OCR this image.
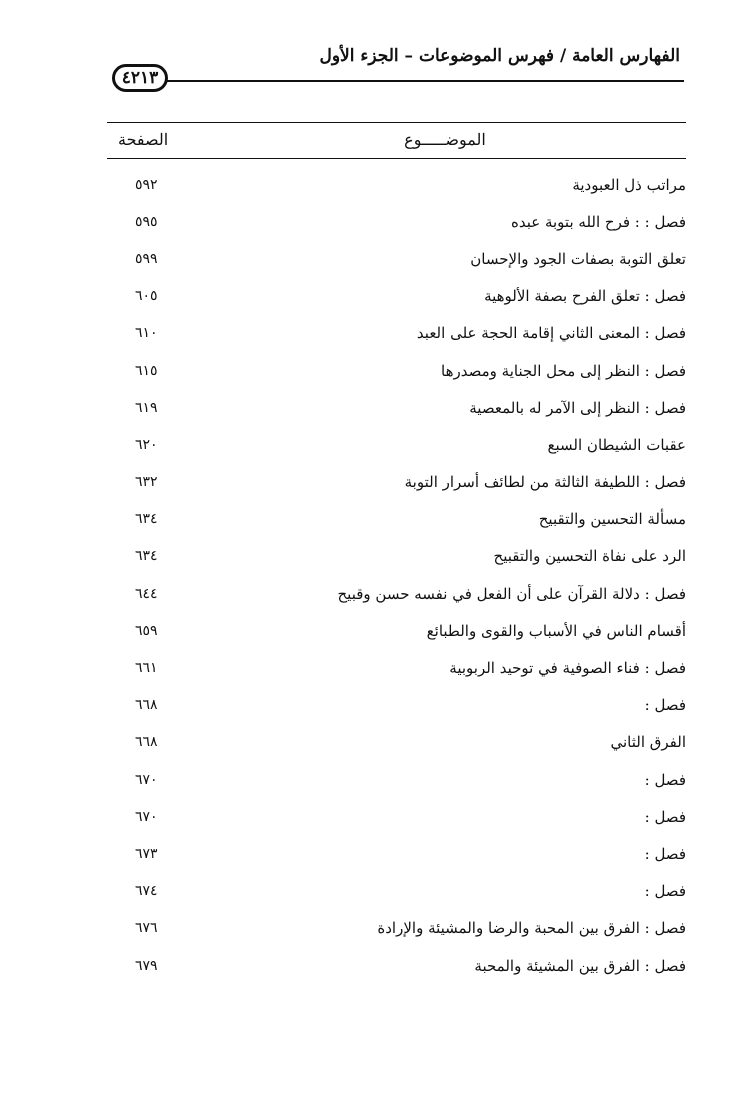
الفهارس العامة / فهرس الموضوعات – الجزء الأول
٤٢١٣
الصفحة	الموضـــــوع
٥٩٢	مراتب ذل العبودية
٥٩٥	فصل : : فرح الله بتوبة عبده
٥٩٩	تعلق التوبة بصفات الجود والإحسان
٦٠٥	فصل : تعلق الفرح بصفة الألوهية
٦١٠	فصل : المعنى الثاني إقامة الحجة على العبد
٦١٥	فصل : النظر إلى محل الجناية ومصدرها
٦١٩	فصل : النظر إلى الآمر له بالمعصية
٦٢٠	عقبات الشيطان السبع
٦٣٢	فصل : اللطيفة الثالثة من لطائف أسرار التوبة
٦٣٤	مسألة التحسين والتقبيح
٦٣٤	الرد على نفاة التحسين والتقبيح
٦٤٤	فصل : دلالة القرآن على أن الفعل في نفسه حسن وقبيح
٦٥٩	أقسام الناس في الأسباب والقوى والطبائع
٦٦١	فصل : فناء الصوفية في توحيد الربوبية
٦٦٨	فصل :
٦٦٨	الفرق الثاني
٦٧٠	فصل :
٦٧٠	فصل :
٦٧٣	فصل :
٦٧٤	فصل :
٦٧٦	فصل : الفرق بين المحبة والرضا والمشيئة والإرادة
٦٧٩	فصل : الفرق بين المشيئة والمحبة
